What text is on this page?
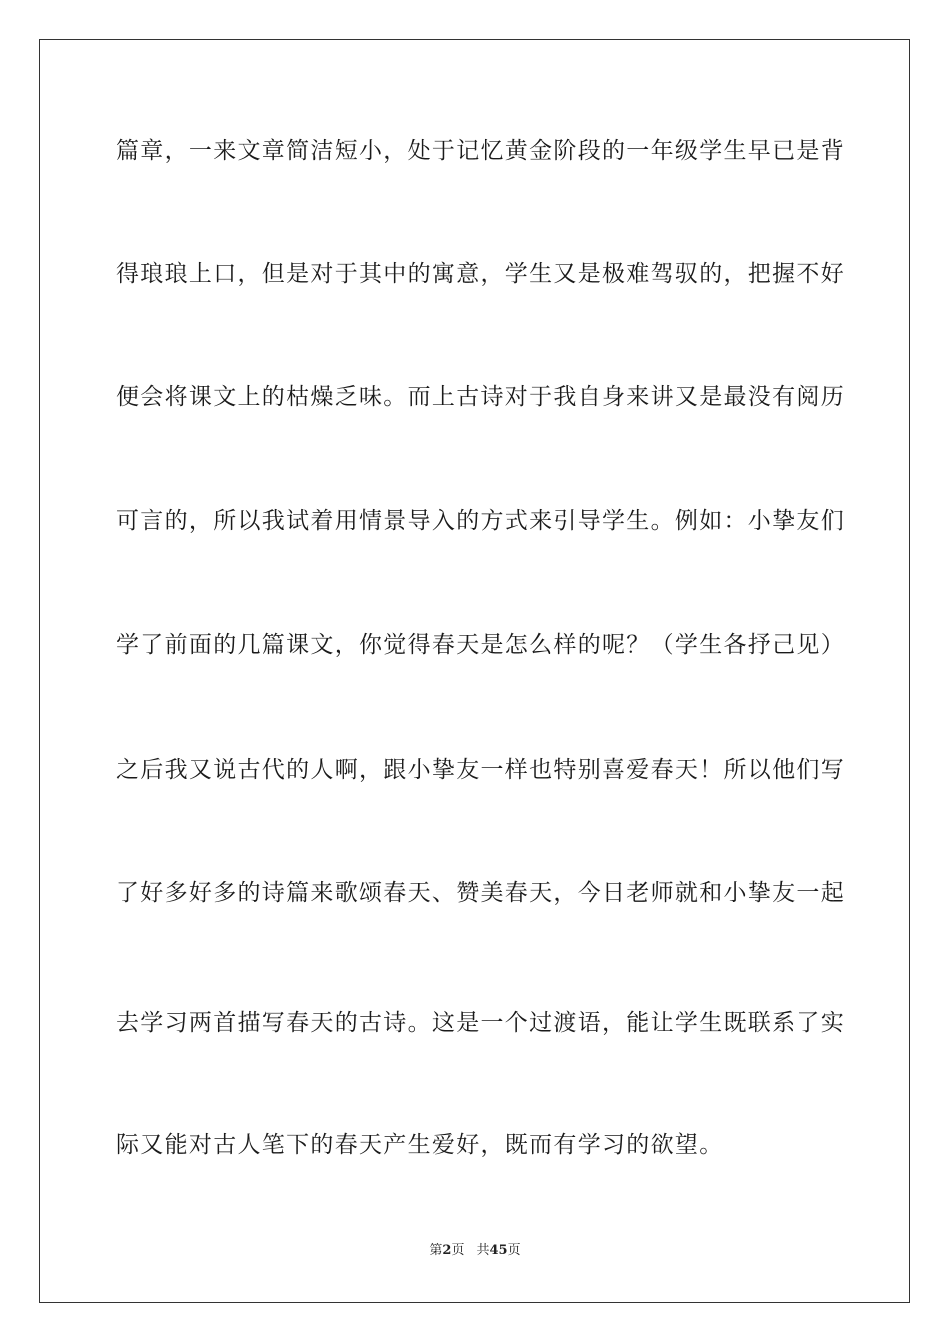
篇章，一来文章简洁短小，处于记忆黄金阶段的一年级学生早已是背
得琅琅上口，但是对于其中的寓意，学生又是极难驾驭的，把握不好
便会将课文上的枯燥乏味。而上古诗对于我自身来讲又是最没有阅历
可言的，所以我试着用情景导入的方式来引导学生。例如：小挚友们
学了前面的几篇课文，你觉得春天是怎么样的呢？（学生各抒己见）
之后我又说古代的人啊，跟小挚友一样也特别喜爱春天！所以他们写
了好多好多的诗篇来歌颂春天、赞美春天，今日老师就和小挚友一起
去学习两首描写春天的古诗。这是一个过渡语，能让学生既联系了实
际又能对古人笔下的春天产生爱好，既而有学习的欲望。
第2页 共45页
